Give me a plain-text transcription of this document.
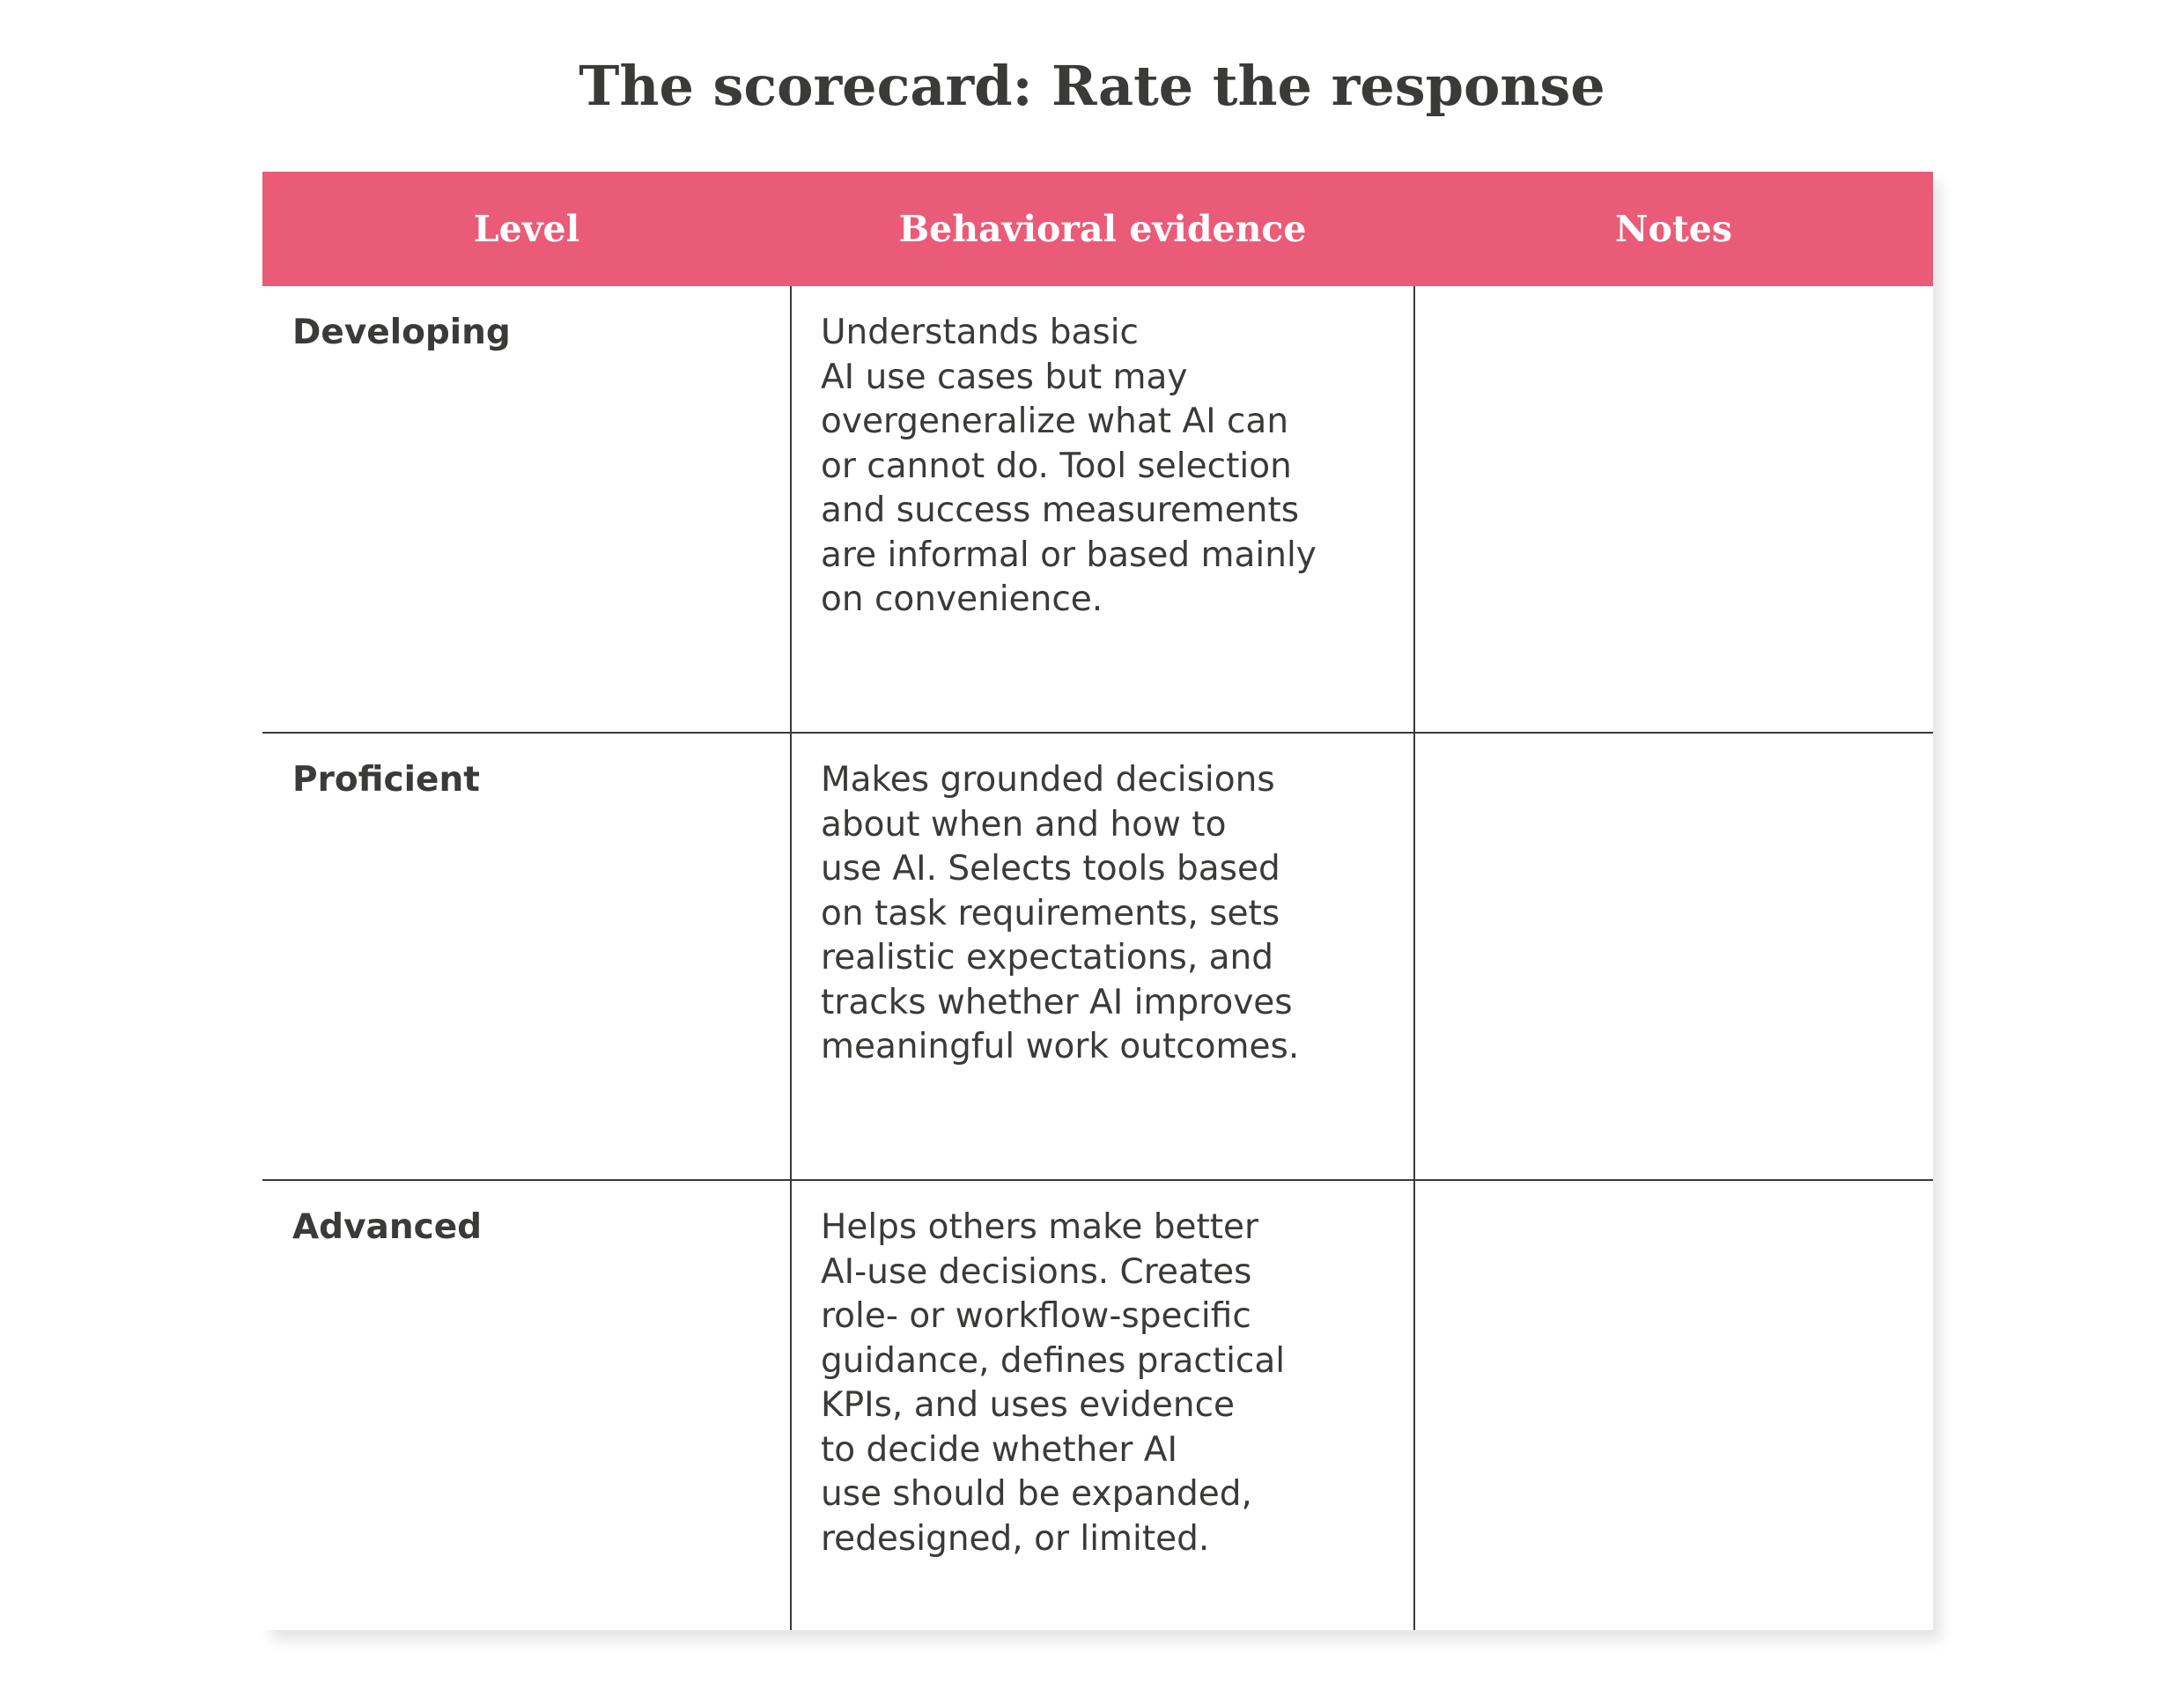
The scorecard: Rate the response
Level	Behavioral evidence	Notes
Developing	Understands basic
AI use cases but may
overgeneralize what AI can
or cannot do. Tool selection
and success measurements
are informal or based mainly
on convenience.
Proficient	Makes grounded decisions
about when and how to
use AI. Selects tools based
on task requirements, sets
realistic expectations, and
tracks whether AI improves
meaningful work outcomes.
Advanced	Helps others make better
AI-use decisions. Creates
role- or workflow-specific
guidance, defines practical
KPIs, and uses evidence
to decide whether AI
use should be expanded,
redesigned, or limited.
